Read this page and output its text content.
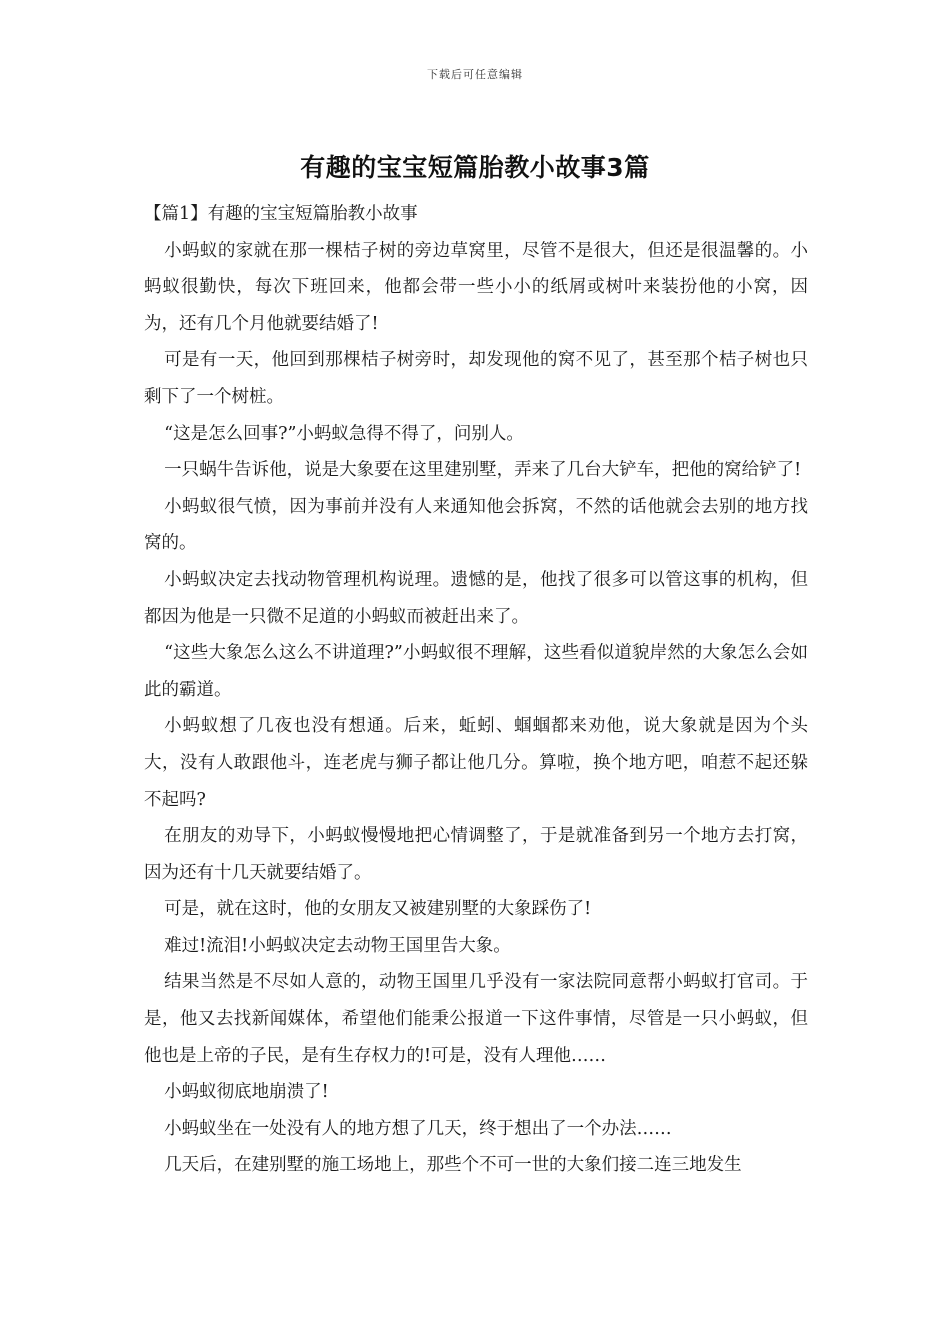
下载后可任意编辑
有趣的宝宝短篇胎教小故事3篇

【篇1】有趣的宝宝短篇胎教小故事

小蚂蚁的家就在那一棵桔子树的旁边草窝里，尽管不是很大，但还是很温馨的。小蚂蚁很勤快，每次下班回来，他都会带一些小小的纸屑或树叶来装扮他的小窝，因为，还有几个月他就要结婚了!

可是有一天，他回到那棵桔子树旁时，却发现他的窝不见了，甚至那个桔子树也只剩下了一个树桩。

“这是怎么回事?”小蚂蚁急得不得了，问别人。

一只蜗牛告诉他，说是大象要在这里建别墅，弄来了几台大铲车，把他的窝给铲了!

小蚂蚁很气愤，因为事前并没有人来通知他会拆窝，不然的话他就会去别的地方找窝的。

小蚂蚁决定去找动物管理机构说理。遗憾的是，他找了很多可以管这事的机构，但都因为他是一只微不足道的小蚂蚁而被赶出来了。

“这些大象怎么这么不讲道理?”小蚂蚁很不理解，这些看似道貌岸然的大象怎么会如此的霸道。

小蚂蚁想了几夜也没有想通。后来，蚯蚓、蝈蝈都来劝他，说大象就是因为个头大，没有人敢跟他斗，连老虎与狮子都让他几分。算啦，换个地方吧，咱惹不起还躲不起吗?

在朋友的劝导下，小蚂蚁慢慢地把心情调整了，于是就准备到另一个地方去打窝，因为还有十几天就要结婚了。

可是，就在这时，他的女朋友又被建别墅的大象踩伤了!

难过!流泪!小蚂蚁决定去动物王国里告大象。

结果当然是不尽如人意的，动物王国里几乎没有一家法院同意帮小蚂蚁打官司。于是，他又去找新闻媒体，希望他们能秉公报道一下这件事情，尽管是一只小蚂蚁，但他也是上帝的子民，是有生存权力的!可是，没有人理他……

小蚂蚁彻底地崩溃了!

小蚂蚁坐在一处没有人的地方想了几天，终于想出了一个办法……

几天后，在建别墅的施工场地上，那些个不可一世的大象们接二连三地发生
